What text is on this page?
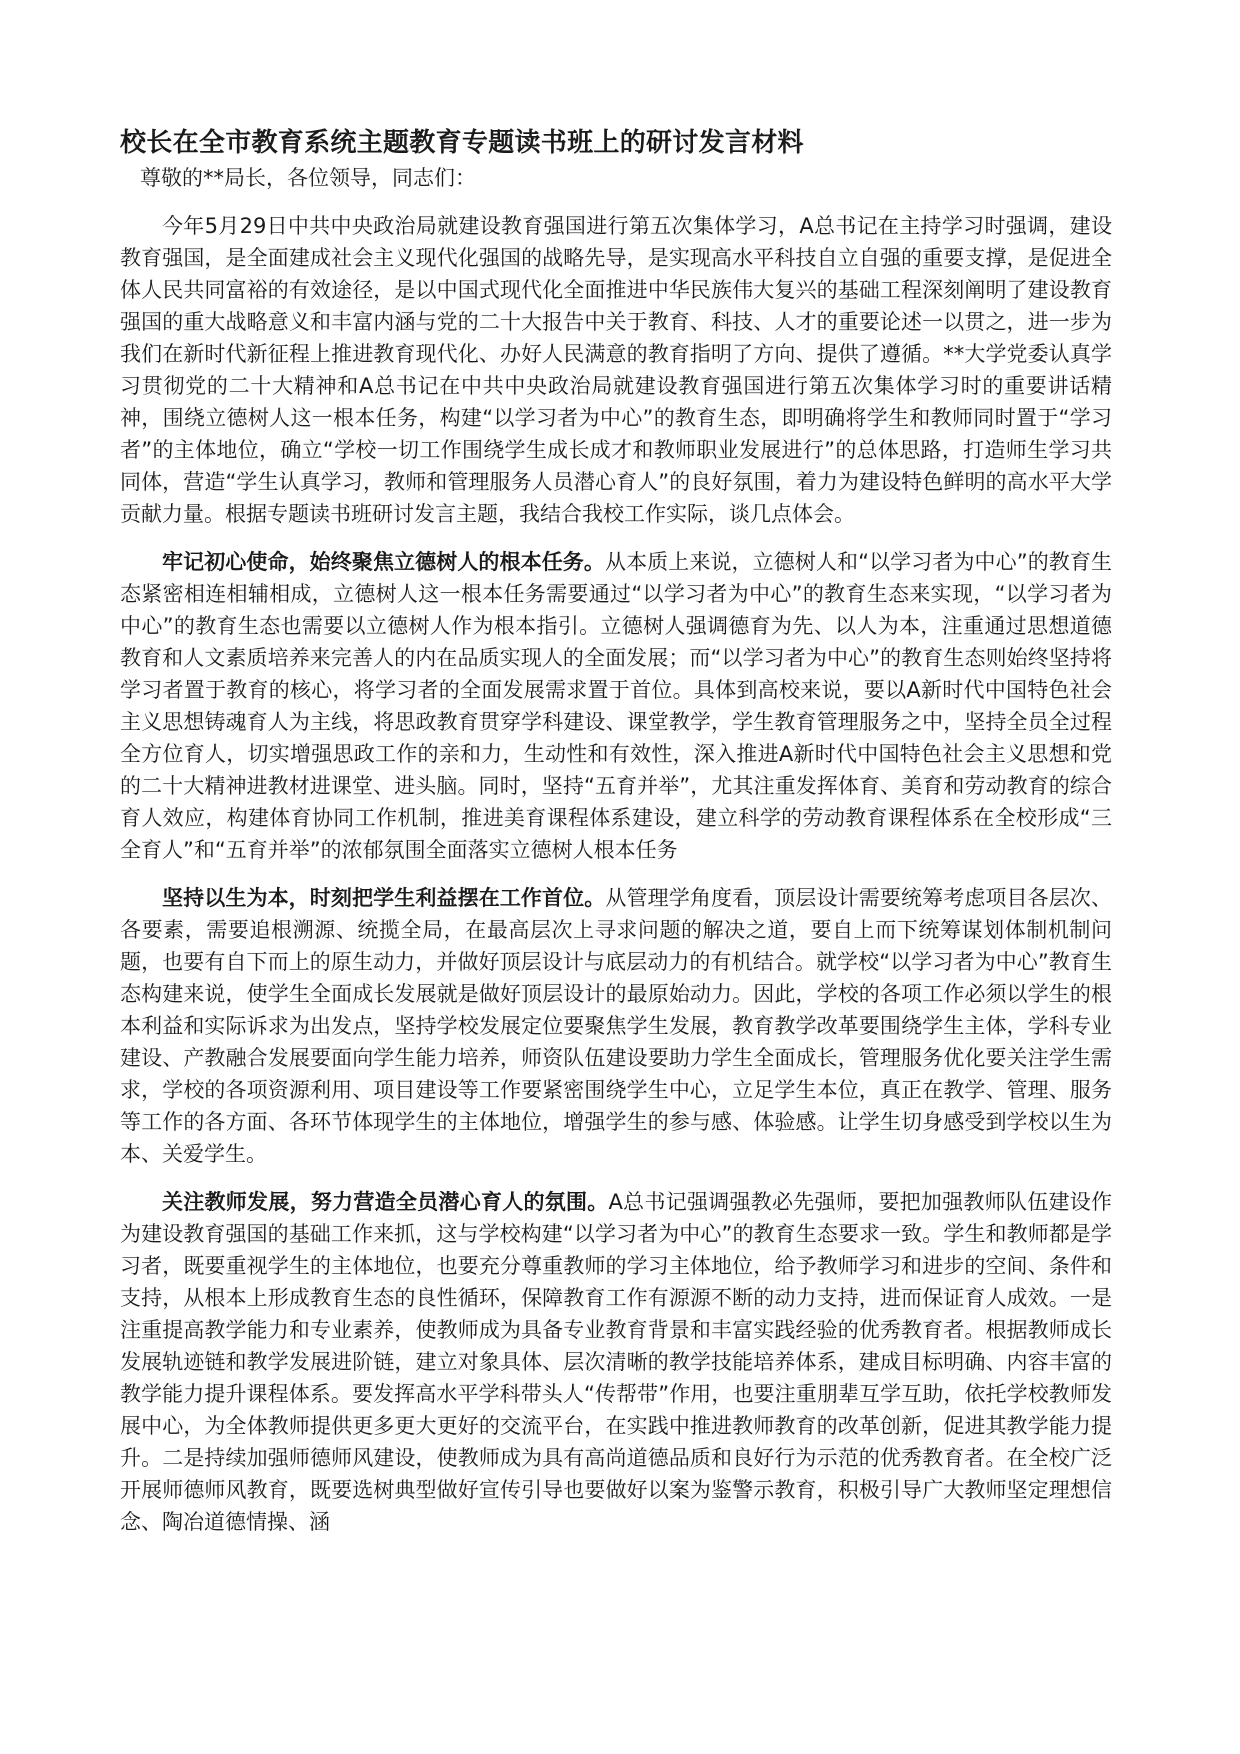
校长在全市教育系统主题教育专题读书班上的研讨发言材料

尊敬的**局长，各位领导，同志们：

今年5月29日中共中央政治局就建设教育强国进行第五次集体学习，A总书记在主持学习时强调，建设教育强国，是全面建成社会主义现代化强国的战略先导，是实现高水平科技自立自强的重要支撑，是促进全体人民共同富裕的有效途径，是以中国式现代化全面推进中华民族伟大复兴的基础工程深刻阐明了建设教育强国的重大战略意义和丰富内涵与党的二十大报告中关于教育、科技、人才的重要论述一以贯之，进一步为我们在新时代新征程上推进教育现代化、办好人民满意的教育指明了方向、提供了遵循。**大学党委认真学习贯彻党的二十大精神和A总书记在中共中央政治局就建设教育强国进行第五次集体学习时的重要讲话精神，围绕立德树人这一根本任务，构建“以学习者为中心”的教育生态，即明确将学生和教师同时置于“学习者”的主体地位，确立“学校一切工作围绕学生成长成才和教师职业发展进行”的总体思路，打造师生学习共同体，营造“学生认真学习，教师和管理服务人员潜心育人”的良好氛围，着力为建设特色鲜明的高水平大学贡献力量。根据专题读书班研讨发言主题，我结合我校工作实际，谈几点体会。

牢记初心使命，始终聚焦立德树人的根本任务。从本质上来说，立德树人和“以学习者为中心”的教育生态紧密相连相辅相成，立德树人这一根本任务需要通过“以学习者为中心”的教育生态来实现，“以学习者为中心”的教育生态也需要以立德树人作为根本指引。立德树人强调德育为先、以人为本，注重通过思想道德教育和人文素质培养来完善人的内在品质实现人的全面发展；而“以学习者为中心”的教育生态则始终坚持将学习者置于教育的核心，将学习者的全面发展需求置于首位。具体到高校来说，要以A新时代中国特色社会主义思想铸魂育人为主线，将思政教育贯穿学科建设、课堂教学，学生教育管理服务之中，坚持全员全过程全方位育人，切实增强思政工作的亲和力，生动性和有效性，深入推进A新时代中国特色社会主义思想和党的二十大精神进教材进课堂、进头脑。同时，坚持“五育并举”，尤其注重发挥体育、美育和劳动教育的综合育人效应，构建体育协同工作机制，推进美育课程体系建设，建立科学的劳动教育课程体系在全校形成“三全育人”和“五育并举”的浓郁氛围全面落实立德树人根本任务

坚持以生为本，时刻把学生利益摆在工作首位。从管理学角度看，顶层设计需要统筹考虑项目各层次、各要素，需要追根溯源、统揽全局，在最高层次上寻求问题的解决之道，要自上而下统筹谋划体制机制问题，也要有自下而上的原生动力，并做好顶层设计与底层动力的有机结合。就学校“以学习者为中心”教育生态构建来说，使学生全面成长发展就是做好顶层设计的最原始动力。因此，学校的各项工作必须以学生的根本利益和实际诉求为出发点，坚持学校发展定位要聚焦学生发展，教育教学改革要围绕学生主体，学科专业建设、产教融合发展要面向学生能力培养，师资队伍建设要助力学生全面成长，管理服务优化要关注学生需求，学校的各项资源利用、项目建设等工作要紧密围绕学生中心，立足学生本位，真正在教学、管理、服务等工作的各方面、各环节体现学生的主体地位，增强学生的参与感、体验感。让学生切身感受到学校以生为本、关爱学生。

关注教师发展，努力营造全员潜心育人的氛围。A总书记强调强教必先强师，要把加强教师队伍建设作为建设教育强国的基础工作来抓，这与学校构建“以学习者为中心”的教育生态要求一致。学生和教师都是学习者，既要重视学生的主体地位，也要充分尊重教师的学习主体地位，给予教师学习和进步的空间、条件和支持，从根本上形成教育生态的良性循环，保障教育工作有源源不断的动力支持，进而保证育人成效。一是注重提高教学能力和专业素养，使教师成为具备专业教育背景和丰富实践经验的优秀教育者。根据教师成长发展轨迹链和教学发展进阶链，建立对象具体、层次清晰的教学技能培养体系，建成目标明确、内容丰富的教学能力提升课程体系。要发挥高水平学科带头人“传帮带”作用，也要注重朋辈互学互助，依托学校教师发展中心，为全体教师提供更多更大更好的交流平台，在实践中推进教师教育的改革创新，促进其教学能力提升。二是持续加强师德师风建设，使教师成为具有高尚道德品质和良好行为示范的优秀教育者。在全校广泛开展师德师风教育，既要选树典型做好宣传引导也要做好以案为鉴警示教育，积极引导广大教师坚定理想信念、陶冶道德情操、涵
